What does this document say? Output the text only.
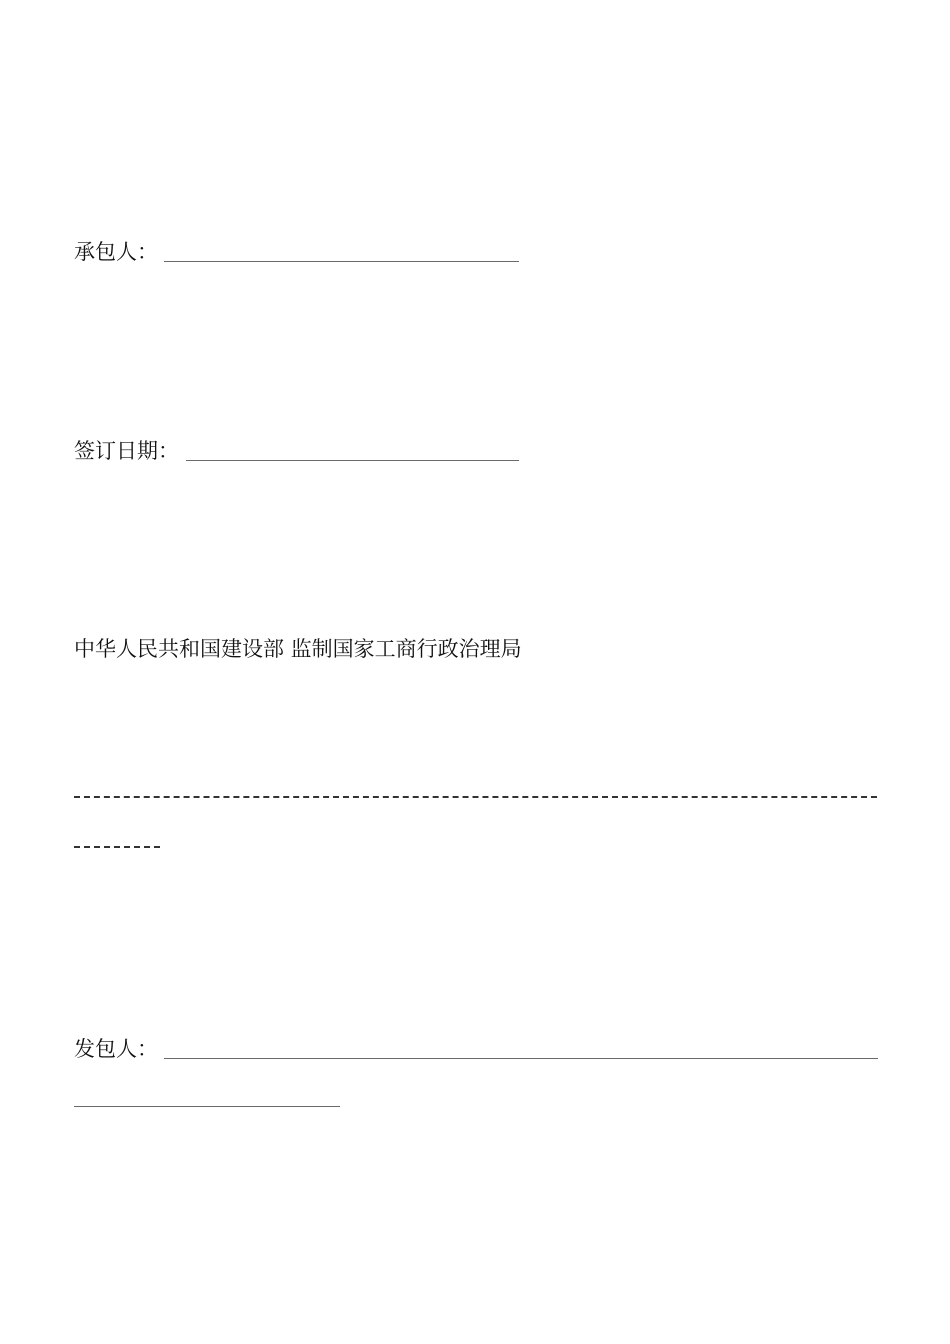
承包人：
签订日期：
中华人民共和国建设部 监制国家工商行政治理局
发包人：
